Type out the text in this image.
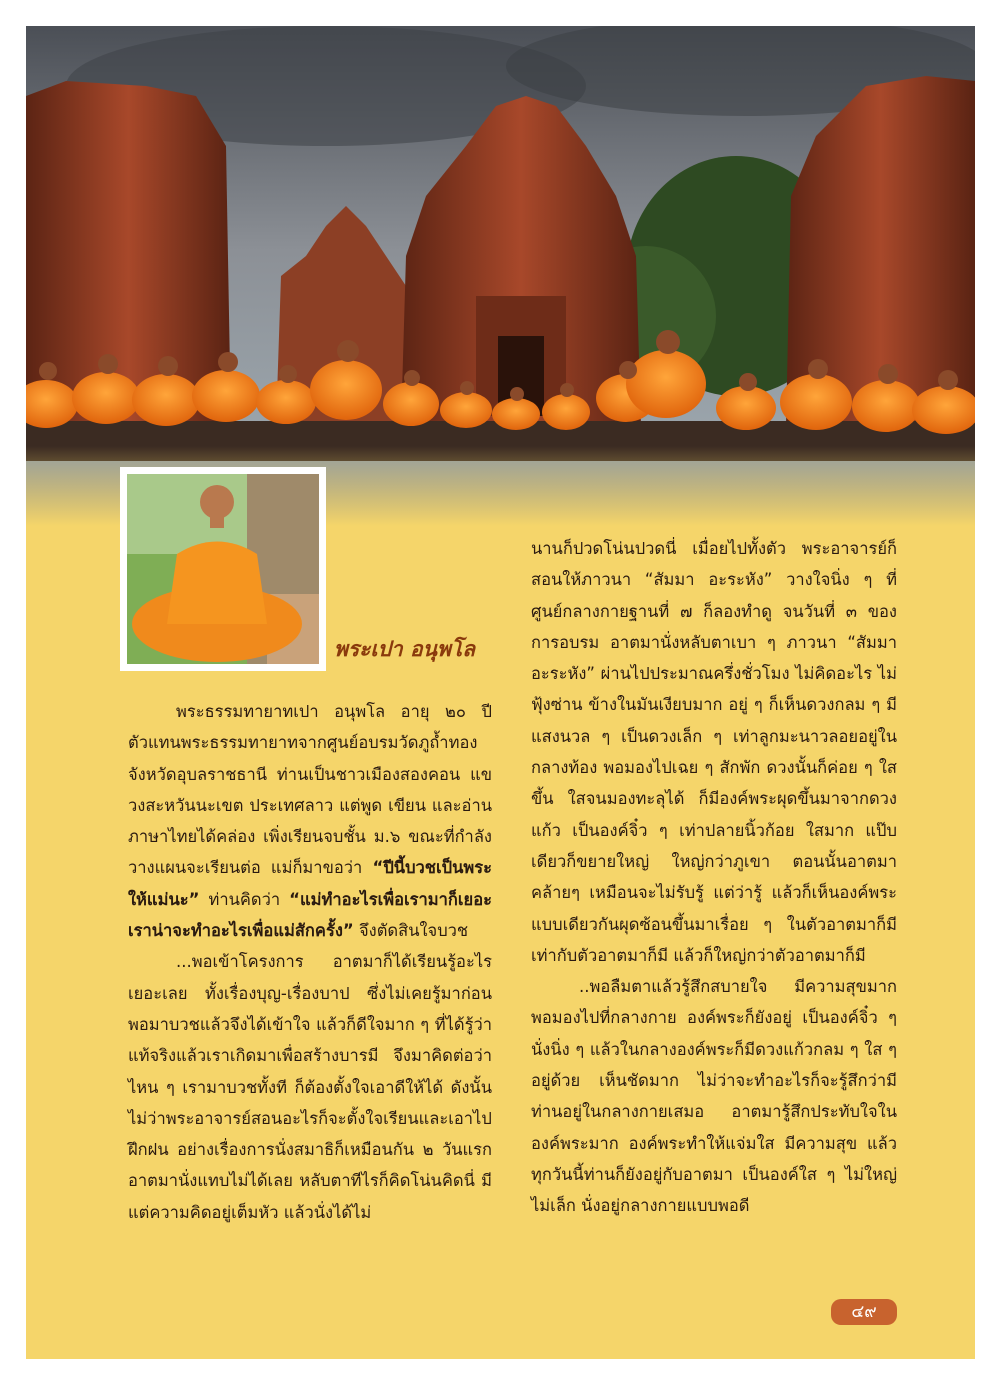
พระเปา อนุพโล

พระธรรมทายาทเปา อนุพโล อายุ ๒๐ ปี ตัวแทนพระธรรมทายาทจากศูนย์อบรมวัดภูถ้ำทอง จังหวัดอุบลราชธานี ท่านเป็นชาวเมืองสองคอน แขวงสะหวันนะเขต ประเทศลาว แต่พูด เขียน และอ่านภาษาไทยได้คล่อง เพิ่งเรียนจบชั้น ม.๖ ขณะที่กำลังวางแผนจะเรียนต่อ แม่ก็มาขอว่า “ปีนี้บวชเป็นพระให้แม่นะ” ท่านคิดว่า “แม่ทำอะไรเพื่อเรามาก็เยอะ เราน่าจะทำอะไรเพื่อแม่สักครั้ง” จึงตัดสินใจบวช

...พอเข้าโครงการ อาตมาก็ได้เรียนรู้อะไรเยอะเลย ทั้งเรื่องบุญ-เรื่องบาป ซึ่งไม่เคยรู้มาก่อน พอมาบวชแล้วจึงได้เข้าใจ แล้วก็ดีใจมาก ๆ ที่ได้รู้ว่าแท้จริงแล้วเราเกิดมาเพื่อสร้างบารมี จึงมาคิดต่อว่าไหน ๆ เรามาบวชทั้งที ก็ต้องตั้งใจเอาดีให้ได้ ดังนั้นไม่ว่าพระอาจารย์สอนอะไรก็จะตั้งใจเรียนและเอาไปฝึกฝน อย่างเรื่องการนั่งสมาธิก็เหมือนกัน ๒ วันแรกอาตมานั่งแทบไม่ได้เลย หลับตาทีไรก็คิดโน่นคิดนี่ มีแต่ความคิดอยู่เต็มหัว แล้วนั่งได้ไม่

นานก็ปวดโน่นปวดนี่ เมื่อยไปทั้งตัว พระอาจารย์ก็สอนให้ภาวนา “สัมมา อะระหัง” วางใจนิ่ง ๆ ที่ศูนย์กลางกายฐานที่ ๗ ก็ลองทำดู จนวันที่ ๓ ของการอบรม อาตมานั่งหลับตาเบา ๆ ภาวนา “สัมมา อะระหัง” ผ่านไปประมาณครึ่งชั่วโมง ไม่คิดอะไร ไม่ฟุ้งซ่าน ข้างในมันเงียบมาก อยู่ ๆ ก็เห็นดวงกลม ๆ มีแสงนวล ๆ เป็นดวงเล็ก ๆ เท่าลูกมะนาวลอยอยู่ในกลางท้อง พอมองไปเฉย ๆ สักพัก ดวงนั้นก็ค่อย ๆ ใสขึ้น ใสจนมองทะลุได้ ก็มีองค์พระผุดขึ้นมาจากดวงแก้ว เป็นองค์จิ๋ว ๆ เท่าปลายนิ้วก้อย ใสมาก แป๊บเดียวก็ขยายใหญ่ ใหญ่กว่าภูเขา ตอนนั้นอาตมาคล้ายๆ เหมือนจะไม่รับรู้ แต่ว่ารู้ แล้วก็เห็นองค์พระแบบเดียวกันผุดซ้อนขึ้นมาเรื่อย ๆ ในตัวอาตมาก็มี เท่ากับตัวอาตมาก็มี แล้วก็ใหญ่กว่าตัวอาตมาก็มี

..พอลืมตาแล้วรู้สึกสบายใจ มีความสุขมาก พอมองไปที่กลางกาย องค์พระก็ยังอยู่ เป็นองค์จิ๋ว ๆ นั่งนิ่ง ๆ แล้วในกลางองค์พระก็มีดวงแก้วกลม ๆ ใส ๆ อยู่ด้วย เห็นชัดมาก ไม่ว่าจะทำอะไรก็จะรู้สึกว่ามีท่านอยู่ในกลางกายเสมอ อาตมารู้สึกประทับใจในองค์พระมาก องค์พระทำให้แจ่มใส มีความสุข แล้วทุกวันนี้ท่านก็ยังอยู่กับอาตมา เป็นองค์ใส ๆ ไม่ใหญ่ ไม่เล็ก นั่งอยู่กลางกายแบบพอดี

๔๙
